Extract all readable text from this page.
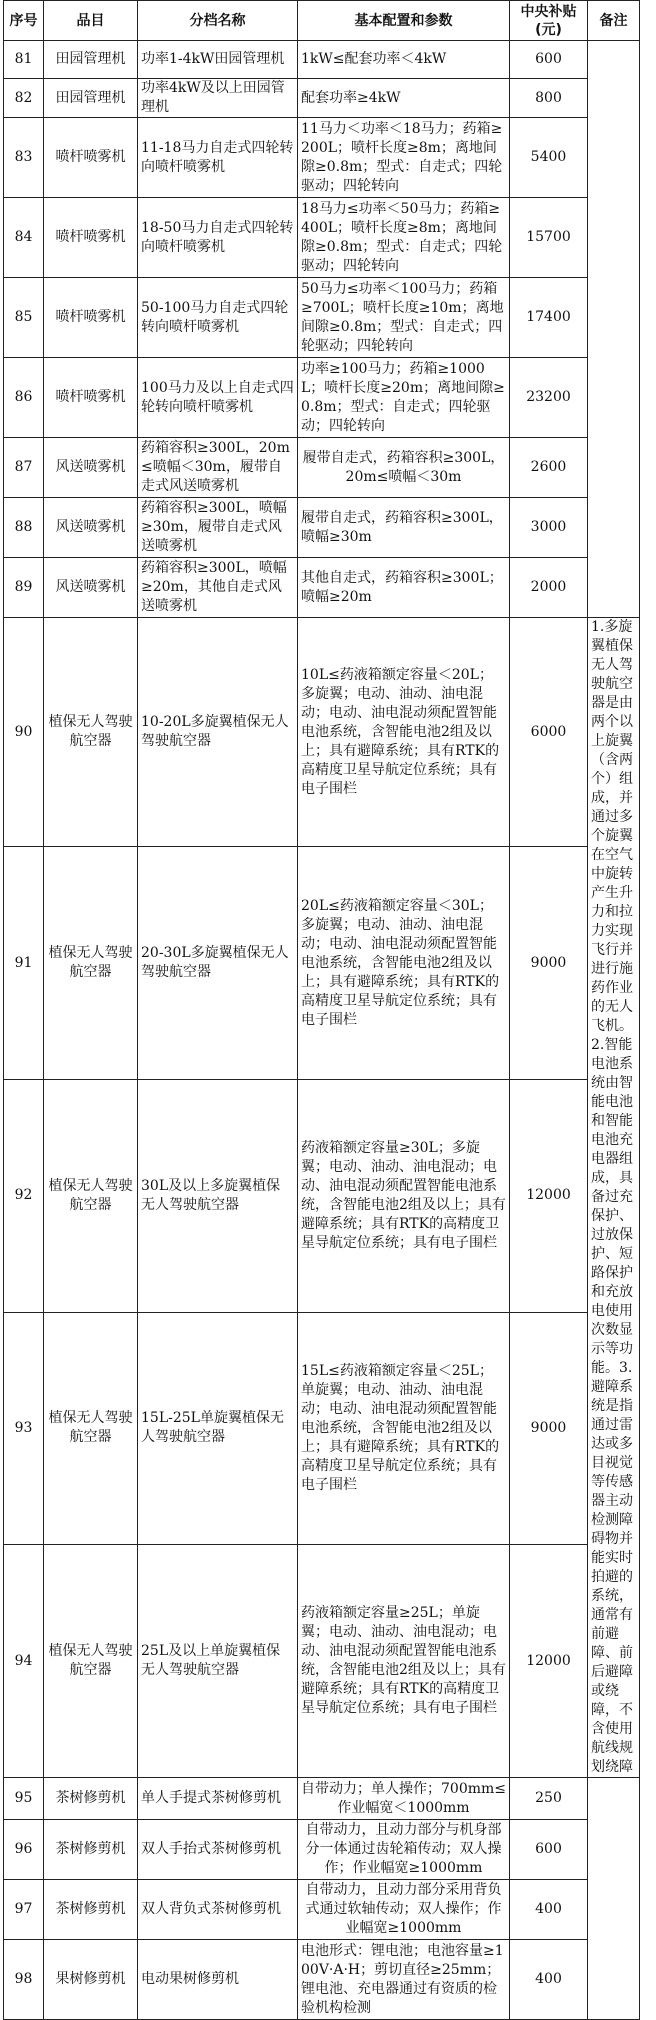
序号	品目	分档名称	基本配置和参数	中央补贴(元)	备注
81	田园管理机	功率1-4kW田园管理机	1kW≤配套功率＜4kW	600	
82	田园管理机	功率4kW及以上田园管理机	配套功率≥4kW	800	
83	喷杆喷雾机	11-18马力自走式四轮转向喷杆喷雾机	11马力＜功率＜18马力；药箱≥200L；喷杆长度≥8m；离地间隙≥0.8m；型式：自走式；四轮驱动；四轮转向	5400	
84	喷杆喷雾机	18-50马力自走式四轮转向喷杆喷雾机	18马力≤功率＜50马力；药箱≥400L；喷杆长度≥8m；离地间隙≥0.8m；型式：自走式；四轮驱动；四轮转向	15700	
85	喷杆喷雾机	50-100马力自走式四轮转向喷杆喷雾机	50马力≤功率＜100马力；药箱≥700L；喷杆长度≥10m；离地间隙≥0.8m；型式：自走式；四轮驱动；四轮转向	17400	
86	喷杆喷雾机	100马力及以上自走式四轮转向喷杆喷雾机	功率≥100马力；药箱≥1000L；喷杆长度≥20m；离地间隙≥0.8m；型式：自走式；四轮驱动；四轮转向	23200	
87	风送喷雾机	药箱容积≥300L，20m≤喷幅＜30m，履带自走式风送喷雾机	履带自走式，药箱容积≥300L，20m≤喷幅＜30m	2600	
88	风送喷雾机	药箱容积≥300L，喷幅≥30m，履带自走式风送喷雾机	履带自走式，药箱容积≥300L，喷幅≥30m	3000	
89	风送喷雾机	药箱容积≥300L，喷幅≥20m，其他自走式风送喷雾机	其他自走式，药箱容积≥300L；喷幅≥20m	2000	
90	植保无人驾驶航空器	10-20L多旋翼植保无人驾驶航空器	10L≤药液箱额定容量＜20L；多旋翼；电动、油动、油电混动；电动、油电混动须配置智能电池系统，含智能电池2组及以上；具有避障系统；具有RTK的高精度卫星导航定位系统；具有电子围栏	6000	1.多旋翼植保无人驾驶航空器是由两个以上旋翼（含两个）组成，并通过多个旋翼在空气中旋转产生升力和拉力实现飞行并进行施药作业的无人飞机。2.智能电池系统由智能电池和智能电池充电器组成，具备过充保护、过放保护、短路保护和充放电使用次数显示等功能。3.避障系统是指通过雷达或多目视觉等传感器主动检测障碍物并能实时拍避的系统，通常有前避障、前后避障或绕障，不含使用航线规划绕障
91	植保无人驾驶航空器	20-30L多旋翼植保无人驾驶航空器	20L≤药液箱额定容量＜30L；多旋翼；电动、油动、油电混动；电动、油电混动须配置智能电池系统，含智能电池2组及以上；具有避障系统；具有RTK的高精度卫星导航定位系统；具有电子围栏	9000	
92	植保无人驾驶航空器	30L及以上多旋翼植保无人驾驶航空器	药液箱额定容量≥30L；多旋翼；电动、油动、油电混动；电动、油电混动须配置智能电池系统，含智能电池2组及以上；具有避障系统；具有RTK的高精度卫星导航定位系统；具有电子围栏	12000	
93	植保无人驾驶航空器	15L-25L单旋翼植保无人驾驶航空器	15L≤药液箱额定容量＜25L；单旋翼；电动、油动、油电混动；电动、油电混动须配置智能电池系统，含智能电池2组及以上；具有避障系统；具有RTK的高精度卫星导航定位系统；具有电子围栏	9000	
94	植保无人驾驶航空器	25L及以上单旋翼植保无人驾驶航空器	药液箱额定容量≥25L；单旋翼；电动、油动、油电混动；电动、油电混动须配置智能电池系统，含智能电池2组及以上；具有避障系统；具有RTK的高精度卫星导航定位系统；具有电子围栏	12000	
95	茶树修剪机	单人手提式茶树修剪机	自带动力；单人操作；700mm≤作业幅宽＜1000mm	250	
96	茶树修剪机	双人手抬式茶树修剪机	自带动力，且动力部分与机身部分一体通过齿轮箱传动；双人操作；作业幅宽≥1000mm	600	
97	茶树修剪机	双人背负式茶树修剪机	自带动力，且动力部分采用背负式通过软轴传动；双人操作；作业幅宽≥1000mm	400	
98	果树修剪机	电动果树修剪机	电池形式：锂电池；电池容量≥100V·A·H；剪切直径≥25mm；锂电池、充电器通过有资质的检验机构检测	400	
